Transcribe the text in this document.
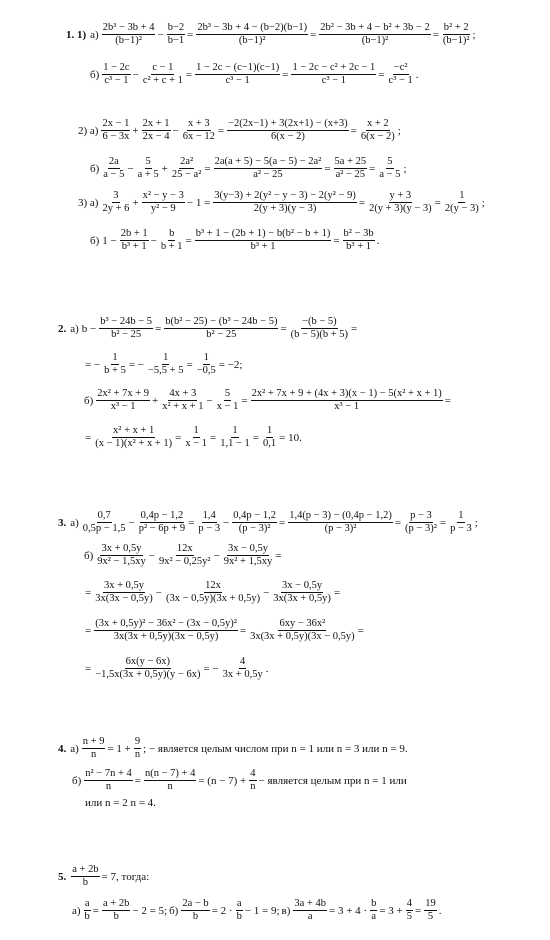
1. 1) $а) \frac{\text{2b³ − 3b + 4}}{\text{(b−1)²}} - \frac{b-2}{b-1} = \frac{\text{2b³ − 3b + 4 − (b−2)(b−1)}}{\text{(b−1)²}} = \frac{\text{2b² − 3b + 4 − b² + 3b − 2}}{\text{(b−1)²}} = \frac{\text{b² + 2}}{\text{(b−1)²}}$ ;
$б) \frac{1 - 2c}{\text{c³ − 1}} - \frac{c - 1}{\text{c² + c + 1}} = \frac{1 - 2c - (c-1)(c-1)}{\text{c³ − 1}} = \frac{\text{1 − 2c − c² + 2c − 1}}{\text{c³ − 1}} = \frac{\text{−c²}}{\text{c³ − 1}}$ .
2) $а) \frac{2x - 1}{6 - 3x} + \frac{2x + 1}{2x - 4} - \frac{x + 3}{6x - 12} = \frac{-2(2x-1) + 3(2x+1) - (x+3)}{6(x - 2)} = \frac{x + 2}{6(x - 2)}$ ;
$б) \frac{2a}{a - 5} - \frac{5}{a + 5} + \frac{\text{2a²}}{\text{25 − a²}} = \frac{\text{2a(a + 5) − 5(a − 5) − 2a²}}{\text{a² − 25}} = \frac{5a + 25}{\text{a² − 25}} = \frac{5}{a - 5}$ ;
3) $а) \frac{3}{2y + 6} + \frac{\text{x² − y − 3}}{\text{y² − 9}} - 1 = \frac{\text{3(y−3) + 2(y² − y − 3) − 2(y² − 9)}}{2(y + 3)(y - 3)} = \frac{y + 3}{2(y + 3)(y - 3)} = \frac{1}{2(y - 3)}$ ;
б) $1 - \frac{2b + 1}{\text{b³ + 1}} - \frac{b}{b + 1} = \frac{\text{b³ + 1 − (2b + 1) − b(b² − b + 1)}}{\text{b³ + 1}} = \frac{\text{b² − 3b}}{\text{b³ + 1}}$ .
2. а) $b - \frac{\text{b³ − 24b − 5}}{\text{b² − 25}} = \frac{\text{b(b² − 25) − (b³ − 24b − 5)}}{\text{b² − 25}} = \frac{-(b - 5)}{(b - 5)(b + 5)}$ =
= − $\frac{1}{b + 5}$ = − $\frac{1}{-5,5 + 5} = \frac{1}{-0,5} = -2$;
$б) \frac{\text{2x² + 7x + 9}}{\text{x³ − 1}} + \frac{4x + 3}{\text{x² + x + 1}} - \frac{5}{x - 1} = \frac{\text{2x² + 7x + 9 + (4x + 3)(x − 1) − 5(x² + x + 1)}}{\text{x³ − 1}}$ =
= $\frac{\text{x² + x + 1}}{\text{(x − 1)(x² + x + 1)}} = \frac{1}{x - 1} = \frac{1}{1,1 - 1} = \frac{1}{0,1} = 10$.
3. $а) \frac{0,7}{0,5p - 1,5} - \frac{0,4p - 1,2}{\text{p² − 6p + 9}} = \frac{1,4}{p - 3} - \frac{0,4p - 1,2}{\text{(p − 3)²}} = \frac{1,4(p - 3) - (0,4p - 1,2)}{\text{(p − 3)²}} = \frac{p - 3}{\text{(p − 3)²}} = \frac{1}{p - 3}$ ;
$б) \frac{3x + 0,5y}{\text{9x² − 1,5xy}} - \frac{12x}{\text{9x² − 0,25y²}} - \frac{3x - 0,5y}{\text{9x² + 1,5xy}}$ =
= $\frac{3x + 0,5y}{3x(3x - 0,5y)} - \frac{12x}{(3x - 0,5y)(3x + 0,5y)} - \frac{3x - 0,5y}{3x(3x + 0,5y)}$ =
= $\frac{\text{(3x + 0,5y)² − 36x² − (3x − 0,5y)²}}{3x(3x + 0,5y)(3x - 0,5y)} = \frac{\text{6xy − 36x²}}{3x(3x + 0,5y)(3x - 0,5y)}$ =
= $\frac{6x(y - 6x)}{-1,5x(3x + 0,5y)(y - 6x)}$ = − $\frac{4}{3x + 0,5y}$ .
4. $а) \frac{n + 9}{n} = 1 + \frac{9}{n}$ ; − является целым числом при n = 1 или n = 3 или n = 9.
$б) \frac{\text{n² − 7n + 4}}{n} = \frac{n(n - 7) + 4}{n} = (n - 7) + \frac{4}{n}$ − является целым при n = 1 или
или n = 2 n = 4.
5. $\frac{a + 2b}{b} = 7$, тогда:
$а) \frac{a}{b} = \frac{a + 2b}{b} - 2 = 5$; $б) \frac{2a - b}{b} = 2 \cdot \frac{a}{b} - 1 = 9$; $в) \frac{3a + 4b}{a} = 3 + 4 \cdot \frac{b}{a} = 3 + \frac{4}{5} = \frac{19}{5}$ .
